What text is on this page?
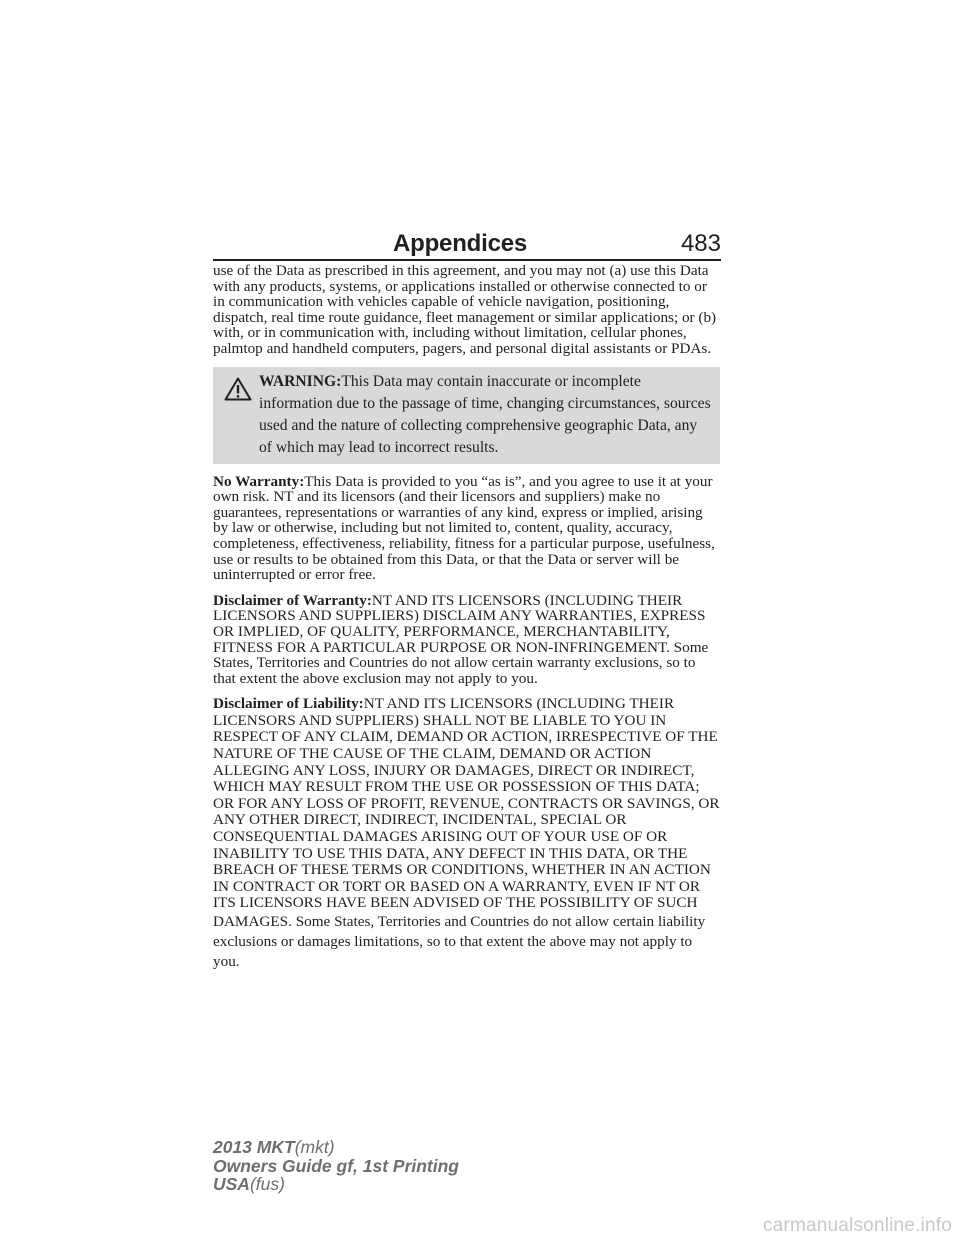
Appendices	483

use of the Data as prescribed in this agreement, and you may not (a) use this Data with any products, systems, or applications installed or otherwise connected to or in communication with vehicles capable of vehicle navigation, positioning, dispatch, real time route guidance, fleet management or similar applications; or (b) with, or in communication with, including without limitation, cellular phones, palmtop and handheld computers, pagers, and personal digital assistants or PDAs.

WARNING:This Data may contain inaccurate or incomplete information due to the passage of time, changing circumstances, sources used and the nature of collecting comprehensive geographic Data, any of which may lead to incorrect results.

No Warranty:This Data is provided to you “as is”, and you agree to use it at your own risk. NT and its licensors (and their licensors and suppliers) make no guarantees, representations or warranties of any kind, express or implied, arising by law or otherwise, including but not limited to, content, quality, accuracy, completeness, effectiveness, reliability, fitness for a particular purpose, usefulness, use or results to be obtained from this Data, or that the Data or server will be uninterrupted or error free.

Disclaimer of Warranty:NT AND ITS LICENSORS (INCLUDING THEIR LICENSORS AND SUPPLIERS) DISCLAIM ANY WARRANTIES, EXPRESS OR IMPLIED, OF QUALITY, PERFORMANCE, MERCHANTABILITY, FITNESS FOR A PARTICULAR PURPOSE OR NON-INFRINGEMENT. Some States, Territories and Countries do not allow certain warranty exclusions, so to that extent the above exclusion may not apply to you.

Disclaimer of Liability:NT AND ITS LICENSORS (INCLUDING THEIR LICENSORS AND SUPPLIERS) SHALL NOT BE LIABLE TO YOU IN RESPECT OF ANY CLAIM, DEMAND OR ACTION, IRRESPECTIVE OF THE NATURE OF THE CAUSE OF THE CLAIM, DEMAND OR ACTION ALLEGING ANY LOSS, INJURY OR DAMAGES, DIRECT OR INDIRECT, WHICH MAY RESULT FROM THE USE OR POSSESSION OF THIS DATA; OR FOR ANY LOSS OF PROFIT, REVENUE, CONTRACTS OR SAVINGS, OR ANY OTHER DIRECT, INDIRECT, INCIDENTAL, SPECIAL OR CONSEQUENTIAL DAMAGES ARISING OUT OF YOUR USE OF OR INABILITY TO USE THIS DATA, ANY DEFECT IN THIS DATA, OR THE BREACH OF THESE TERMS OR CONDITIONS, WHETHER IN AN ACTION IN CONTRACT OR TORT OR BASED ON A WARRANTY, EVEN IF NT OR ITS LICENSORS HAVE BEEN ADVISED OF THE POSSIBILITY OF SUCH DAMAGES. Some States, Territories and Countries do not allow certain liability exclusions or damages limitations, so to that extent the above may not apply to you.

2013 MKT(mkt)
Owners Guide gf, 1st Printing
USA(fus)
carmanualsonline.info
